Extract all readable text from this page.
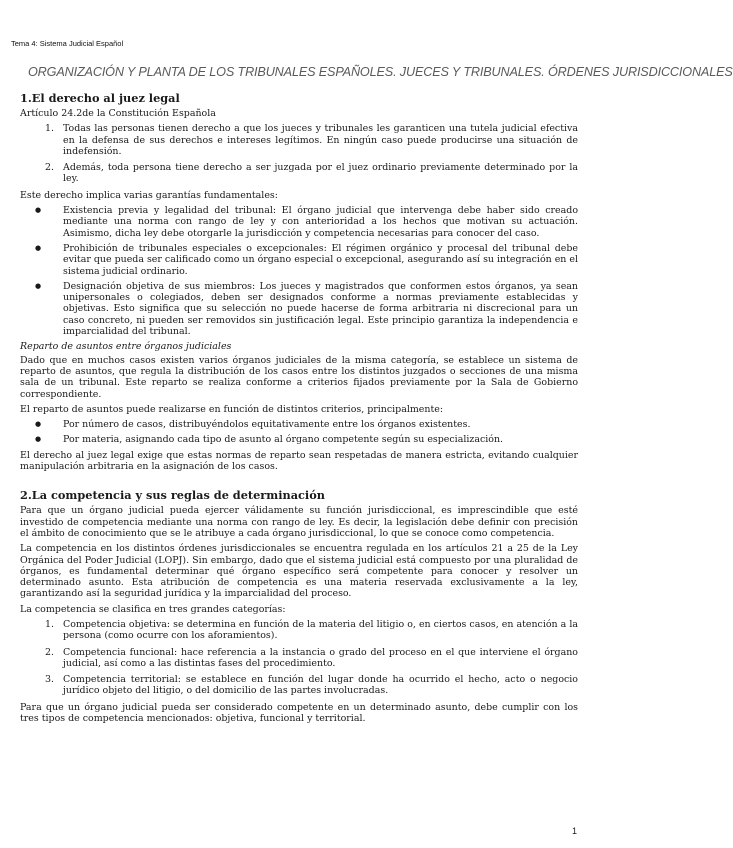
Tema 4: Sistema Judicial Español
ORGANIZACIÓN Y PLANTA DE LOS TRIBUNALES ESPAÑOLES. JUECES Y TRIBUNALES. ÓRDENES JURISDICCIONALES
1.El derecho al juez legal

Artículo 24.2de la Constitución Española

1. Todas las personas tienen derecho a que los jueces y tribunales les garanticen una tutela judicial efectiva en la defensa de sus derechos e intereses legítimos. En ningún caso puede producirse una situación de indefensión.
2. Además, toda persona tiene derecho a ser juzgada por el juez ordinario previamente determinado por la ley.

Este derecho implica varias garantías fundamentales:

● Existencia previa y legalidad del tribunal: El órgano judicial que intervenga debe haber sido creado mediante una norma con rango de ley y con anterioridad a los hechos que motivan su actuación. Asimismo, dicha ley debe otorgarle la jurisdicción y competencia necesarias para conocer del caso.
● Prohibición de tribunales especiales o excepcionales: El régimen orgánico y procesal del tribunal debe evitar que pueda ser calificado como un órgano especial o excepcional, asegurando así su integración en el sistema judicial ordinario.
● Designación objetiva de sus miembros: Los jueces y magistrados que conformen estos órganos, ya sean unipersonales o colegiados, deben ser designados conforme a normas previamente establecidas y objetivas. Esto significa que su selección no puede hacerse de forma arbitraria ni discrecional para un caso concreto, ni pueden ser removidos sin justificación legal. Este principio garantiza la independencia e imparcialidad del tribunal.

Reparto de asuntos entre órganos judiciales

Dado que en muchos casos existen varios órganos judiciales de la misma categoría, se establece un sistema de reparto de asuntos, que regula la distribución de los casos entre los distintos juzgados o secciones de una misma sala de un tribunal. Este reparto se realiza conforme a criterios fijados previamente por la Sala de Gobierno correspondiente.

El reparto de asuntos puede realizarse en función de distintos criterios, principalmente:

● Por número de casos, distribuyéndolos equitativamente entre los órganos existentes.
● Por materia, asignando cada tipo de asunto al órgano competente según su especialización.

El derecho al juez legal exige que estas normas de reparto sean respetadas de manera estricta, evitando cualquier manipulación arbitraria en la asignación de los casos.

2.La competencia y sus reglas de determinación

Para que un órgano judicial pueda ejercer válidamente su función jurisdiccional, es imprescindible que esté investido de competencia mediante una norma con rango de ley. Es decir, la legislación debe definir con precisión el ámbito de conocimiento que se le atribuye a cada órgano jurisdiccional, lo que se conoce como competencia.

La competencia en los distintos órdenes jurisdiccionales se encuentra regulada en los artículos 21 a 25 de la Ley Orgánica del Poder Judicial (LOPJ). Sin embargo, dado que el sistema judicial está compuesto por una pluralidad de órganos, es fundamental determinar qué órgano específico será competente para conocer y resolver un determinado asunto. Esta atribución de competencia es una materia reservada exclusivamente a la ley, garantizando así la seguridad jurídica y la imparcialidad del proceso.

La competencia se clasifica en tres grandes categorías:

1. Competencia objetiva: se determina en función de la materia del litigio o, en ciertos casos, en atención a la persona (como ocurre con los aforamientos).
2. Competencia funcional: hace referencia a la instancia o grado del proceso en el que interviene el órgano judicial, así como a las distintas fases del procedimiento.
3. Competencia territorial: se establece en función del lugar donde ha ocurrido el hecho, acto o negocio jurídico objeto del litigio, o del domicilio de las partes involucradas.

Para que un órgano judicial pueda ser considerado competente en un determinado asunto, debe cumplir con los tres tipos de competencia mencionados: objetiva, funcional y territorial.

1
